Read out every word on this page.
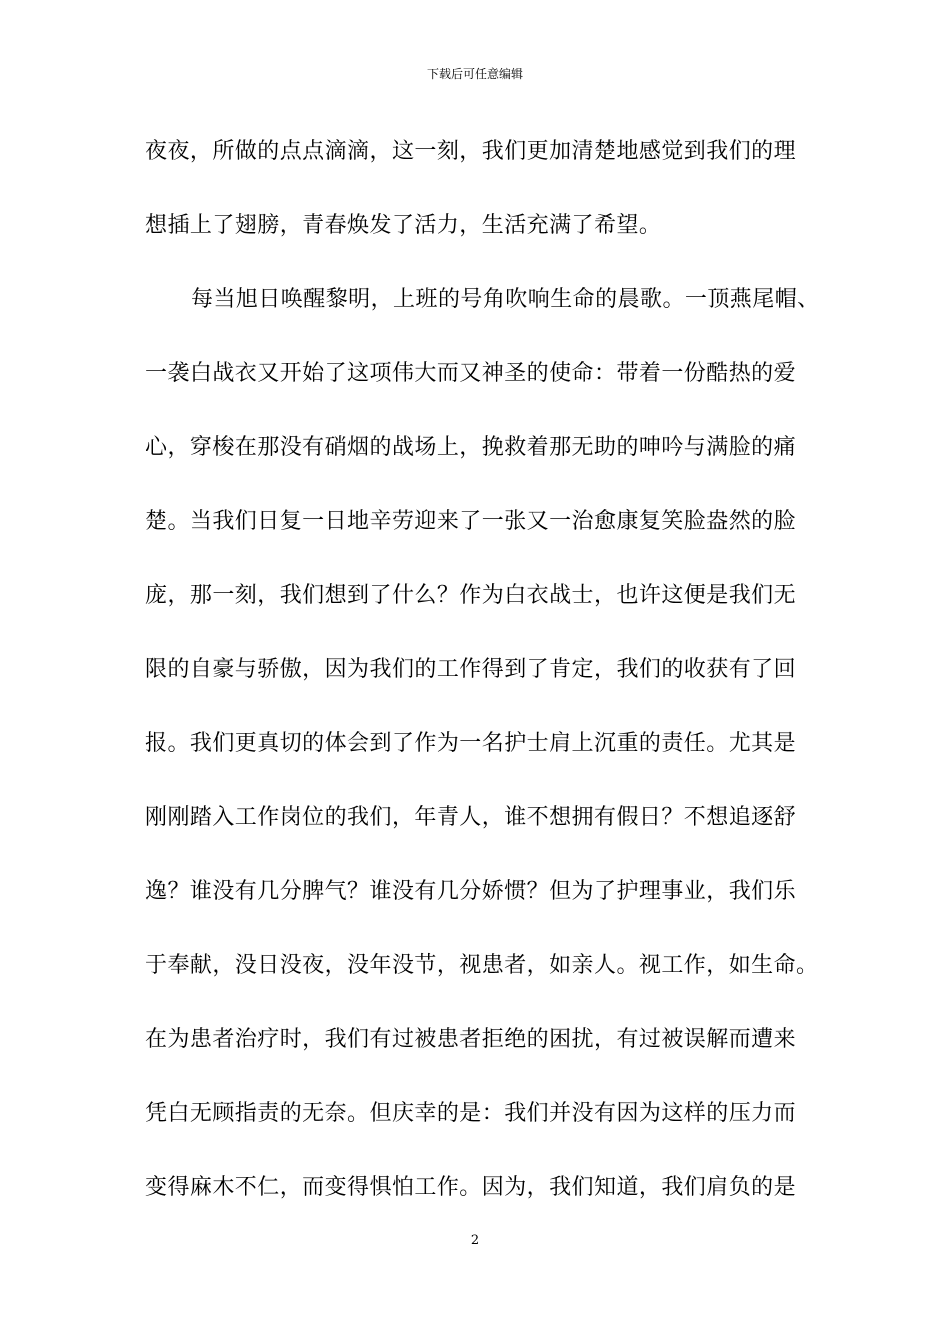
下载后可任意编辑
夜夜，所做的点点滴滴，这一刻，我们更加清楚地感觉到我们的理
想插上了翅膀，青春焕发了活力，生活充满了希望。
每当旭日唤醒黎明，上班的号角吹响生命的晨歌。一顶燕尾帽、
一袭白战衣又开始了这项伟大而又神圣的使命：带着一份酷热的爱
心，穿梭在那没有硝烟的战场上，挽救着那无助的呻吟与满脸的痛
楚。当我们日复一日地辛劳迎来了一张又一治愈康复笑脸盎然的脸
庞，那一刻，我们想到了什么？作为白衣战士，也许这便是我们无
限的自豪与骄傲，因为我们的工作得到了肯定，我们的收获有了回
报。我们更真切的体会到了作为一名护士肩上沉重的责任。尤其是
刚刚踏入工作岗位的我们，年青人，谁不想拥有假日？不想追逐舒
逸？谁没有几分脾气？谁没有几分娇惯？但为了护理事业，我们乐
于奉献，没日没夜，没年没节，视患者，如亲人。视工作，如生命。
在为患者治疗时，我们有过被患者拒绝的困扰，有过被误解而遭来
凭白无顾指责的无奈。但庆幸的是：我们并没有因为这样的压力而
变得麻木不仁，而变得惧怕工作。因为，我们知道，我们肩负的是
2
